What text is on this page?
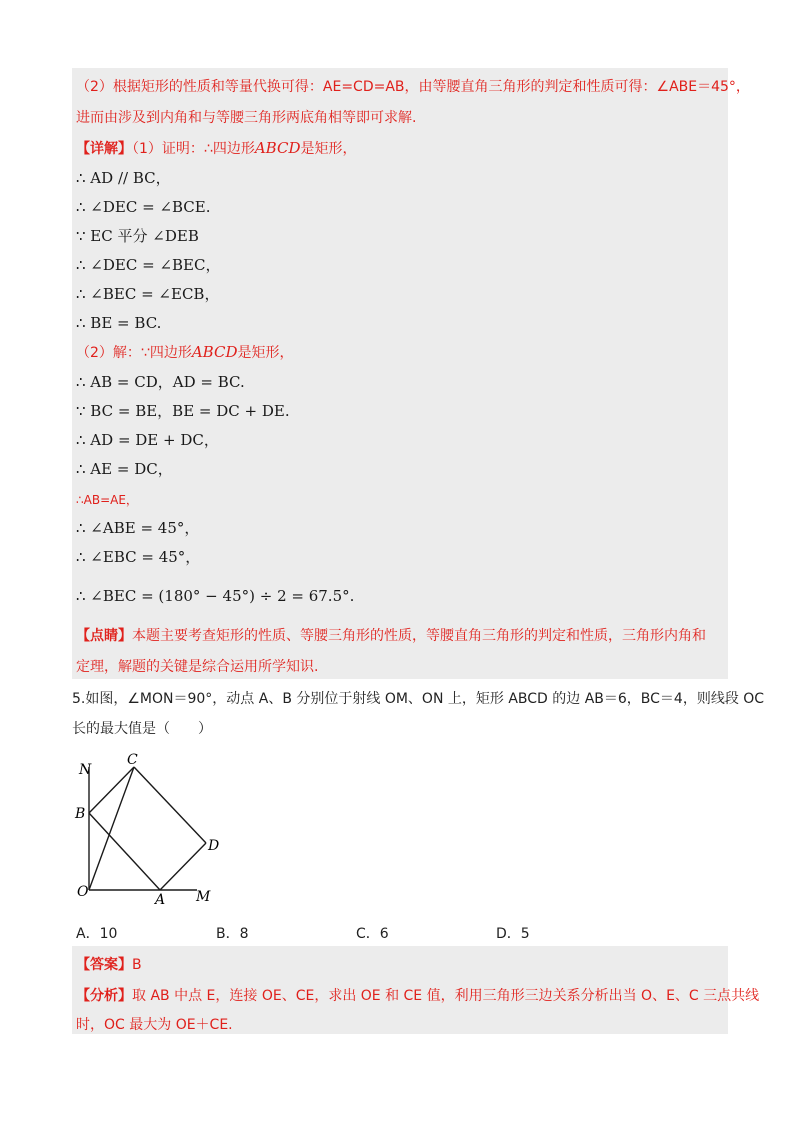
（2）根据矩形的性质和等量代换可得：AE=CD=AB，由等腰直角三角形的判定和性质可得：∠ABE＝45°，
进而由涉及到内角和与等腰三角形两底角相等即可求解.
【详解】（1）证明：∴四边形ABCD是矩形，
∴ AD // BC，
∴ ∠DEC = ∠BCE.
∵ EC 平分 ∠DEB
∴ ∠DEC = ∠BEC，
∴ ∠BEC = ∠ECB，
∴ BE = BC.
（2）解：∵四边形ABCD是矩形，
∴ AB = CD，AD = BC.
∵ BC = BE，BE = DC + DE.
∴ AD = DE + DC，
∴ AE = DC，
∴AB=AE，
∴ ∠ABE = 45°，
∴ ∠EBC = 45°，
∴ ∠BEC = (180° − 45°) ÷ 2 = 67.5°.
【点睛】本题主要考查矩形的性质、等腰三角形的性质，等腰直角三角形的判定和性质，三角形内角和
定理，解题的关键是综合运用所学知识.
5.如图，∠MON＝90°，动点 A、B 分别位于射线 OM、ON 上，矩形 ABCD 的边 AB＝6，BC＝4，则线段 OC
长的最大值是（　　）
N
C
B
D
O	A M
A．10	B．8	C．6	D．5
【答案】B
【分析】取 AB 中点 E，连接 OE、CE，求出 OE 和 CE 值，利用三角形三边关系分析出当 O、E、C 三点共线
时，OC 最大为 OE＋CE.
